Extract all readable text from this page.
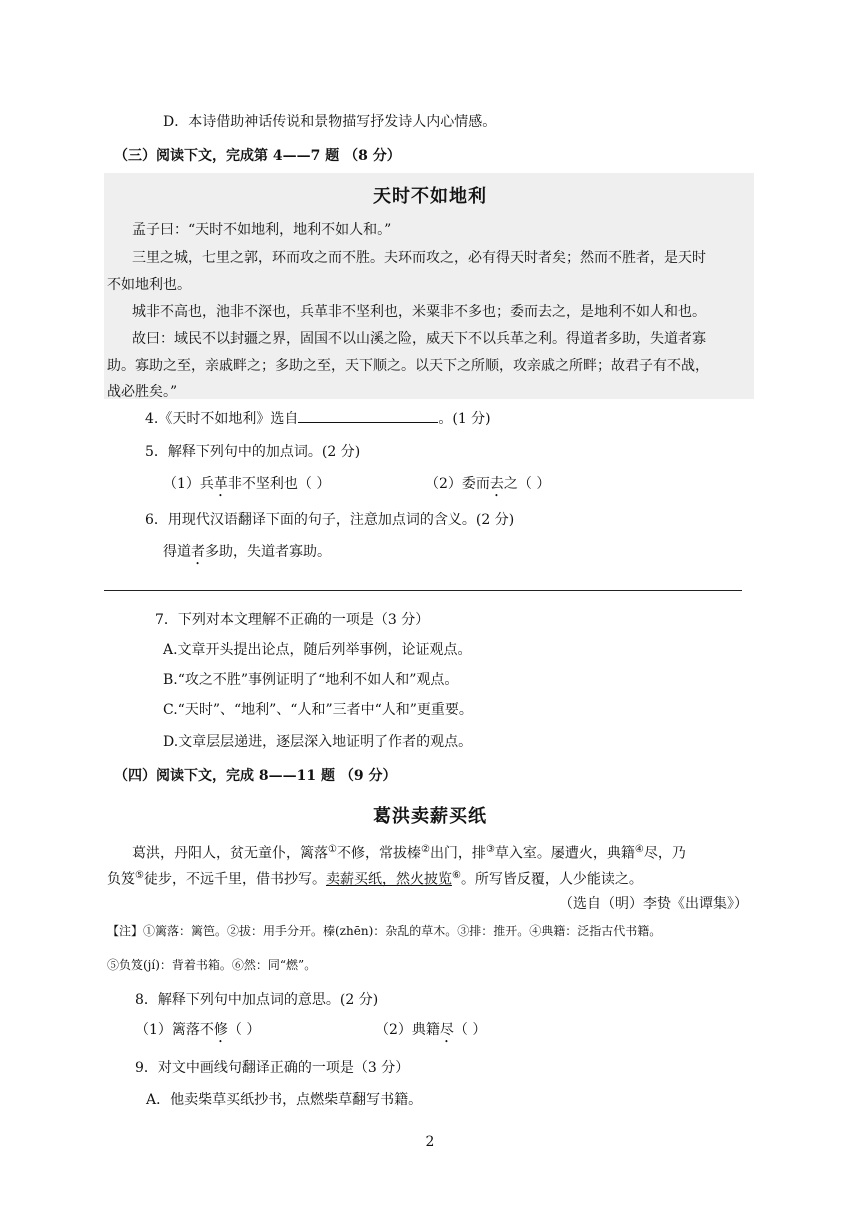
D．本诗借助神话传说和景物描写抒发诗人内心情感。
（三）阅读下文，完成第 4——7 题 （8 分）
天时不如地利
孟子曰：“天时不如地利，地利不如人和。”
三里之城，七里之郭，环而攻之而不胜。夫环而攻之，必有得天时者矣；然而不胜者，是天时
不如地利也。
城非不高也，池非不深也，兵革非不坚利也，米粟非不多也；委而去之，是地利不如人和也。
故曰：域民不以封疆之界，固国不以山溪之险，威天下不以兵革之利。得道者多助，失道者寡
助。寡助之至，亲戚畔之；多助之至，天下顺之。以天下之所顺，攻亲戚之所畔；故君子有不战，
战必胜矣。”
4.《天时不如地利》选自	。(1 分)
5．解释下列句中的加点词。(2 分)
（1）兵革非不坚利也（ ）	（2）委而去之（ ）
6．用现代汉语翻译下面的句子，注意加点词的含义。(2 分)
得道者多助，失道者寡助。
7．下列对本文理解不正确的一项是（3 分）
A.文章开头提出论点，随后列举事例，论证观点。
B.“攻之不胜”事例证明了“地利不如人和”观点。
C.“天时”、“地利”、“人和”三者中“人和”更重要。
D.文章层层递进，逐层深入地证明了作者的观点。
（四）阅读下文，完成 8——11 题 （9 分）
葛洪卖薪买纸
葛洪，丹阳人，贫无童仆，篱落①不修，常拔榛②出门，排③草入室。屡遭火，典籍④尽，乃
负笈⑤徒步，不远千里，借书抄写。卖薪买纸，然火披览⑥。所写皆反覆，人少能读之。
（选自（明）李贽《出谭集》）
【注】①篱落：篱笆。②拔：用手分开。榛(zhēn)：杂乱的草木。③排：推开。④典籍：泛指古代书籍。
⑤负笈(jí)：背着书箱。⑥然：同“燃”。
8．解释下列句中加点词的意思。(2 分)
（1）篱落不修（ ）	（2）典籍尽（ ）
9．对文中画线句翻译正确的一项是（3 分）
A．他卖柴草买纸抄书，点燃柴草翻写书籍。
2
